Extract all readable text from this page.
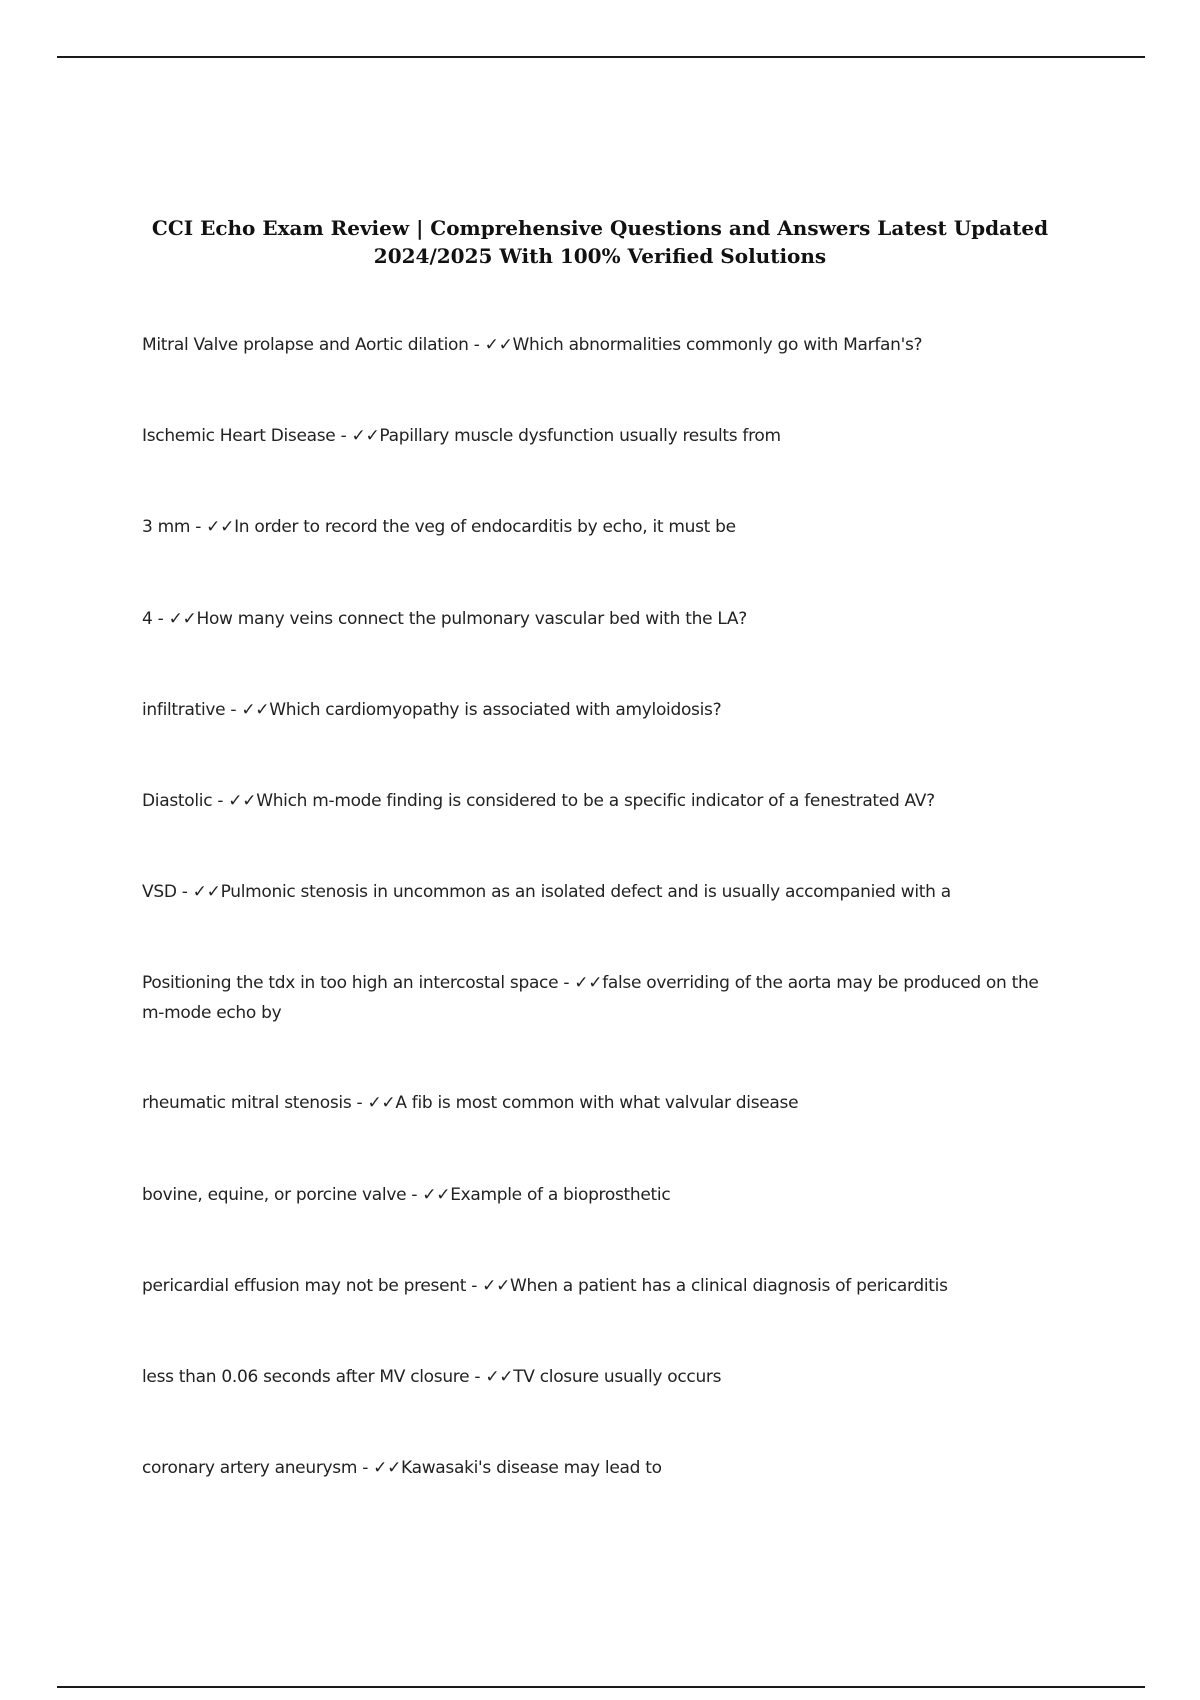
CCI Echo Exam Review | Comprehensive Questions and Answers Latest Updated
2024/2025 With 100% Verified Solutions
Mitral Valve prolapse and Aortic dilation - ✓✓Which abnormalities commonly go with Marfan's?
Ischemic Heart Disease - ✓✓Papillary muscle dysfunction usually results from
3 mm - ✓✓In order to record the veg of endocarditis by echo, it must be
4 - ✓✓How many veins connect the pulmonary vascular bed with the LA?
infiltrative - ✓✓Which cardiomyopathy is associated with amyloidosis?
Diastolic - ✓✓Which m-mode finding is considered to be a specific indicator of a fenestrated AV?
VSD - ✓✓Pulmonic stenosis in uncommon as an isolated defect and is usually accompanied with a
Positioning the tdx in too high an intercostal space - ✓✓false overriding of the aorta may be produced on the m-mode echo by
rheumatic mitral stenosis - ✓✓A fib is most common with what valvular disease
bovine, equine, or porcine valve - ✓✓Example of a bioprosthetic
pericardial effusion may not be present - ✓✓When a patient has a clinical diagnosis of pericarditis
less than 0.06 seconds after MV closure - ✓✓TV closure usually occurs
coronary artery aneurysm - ✓✓Kawasaki's disease may lead to
